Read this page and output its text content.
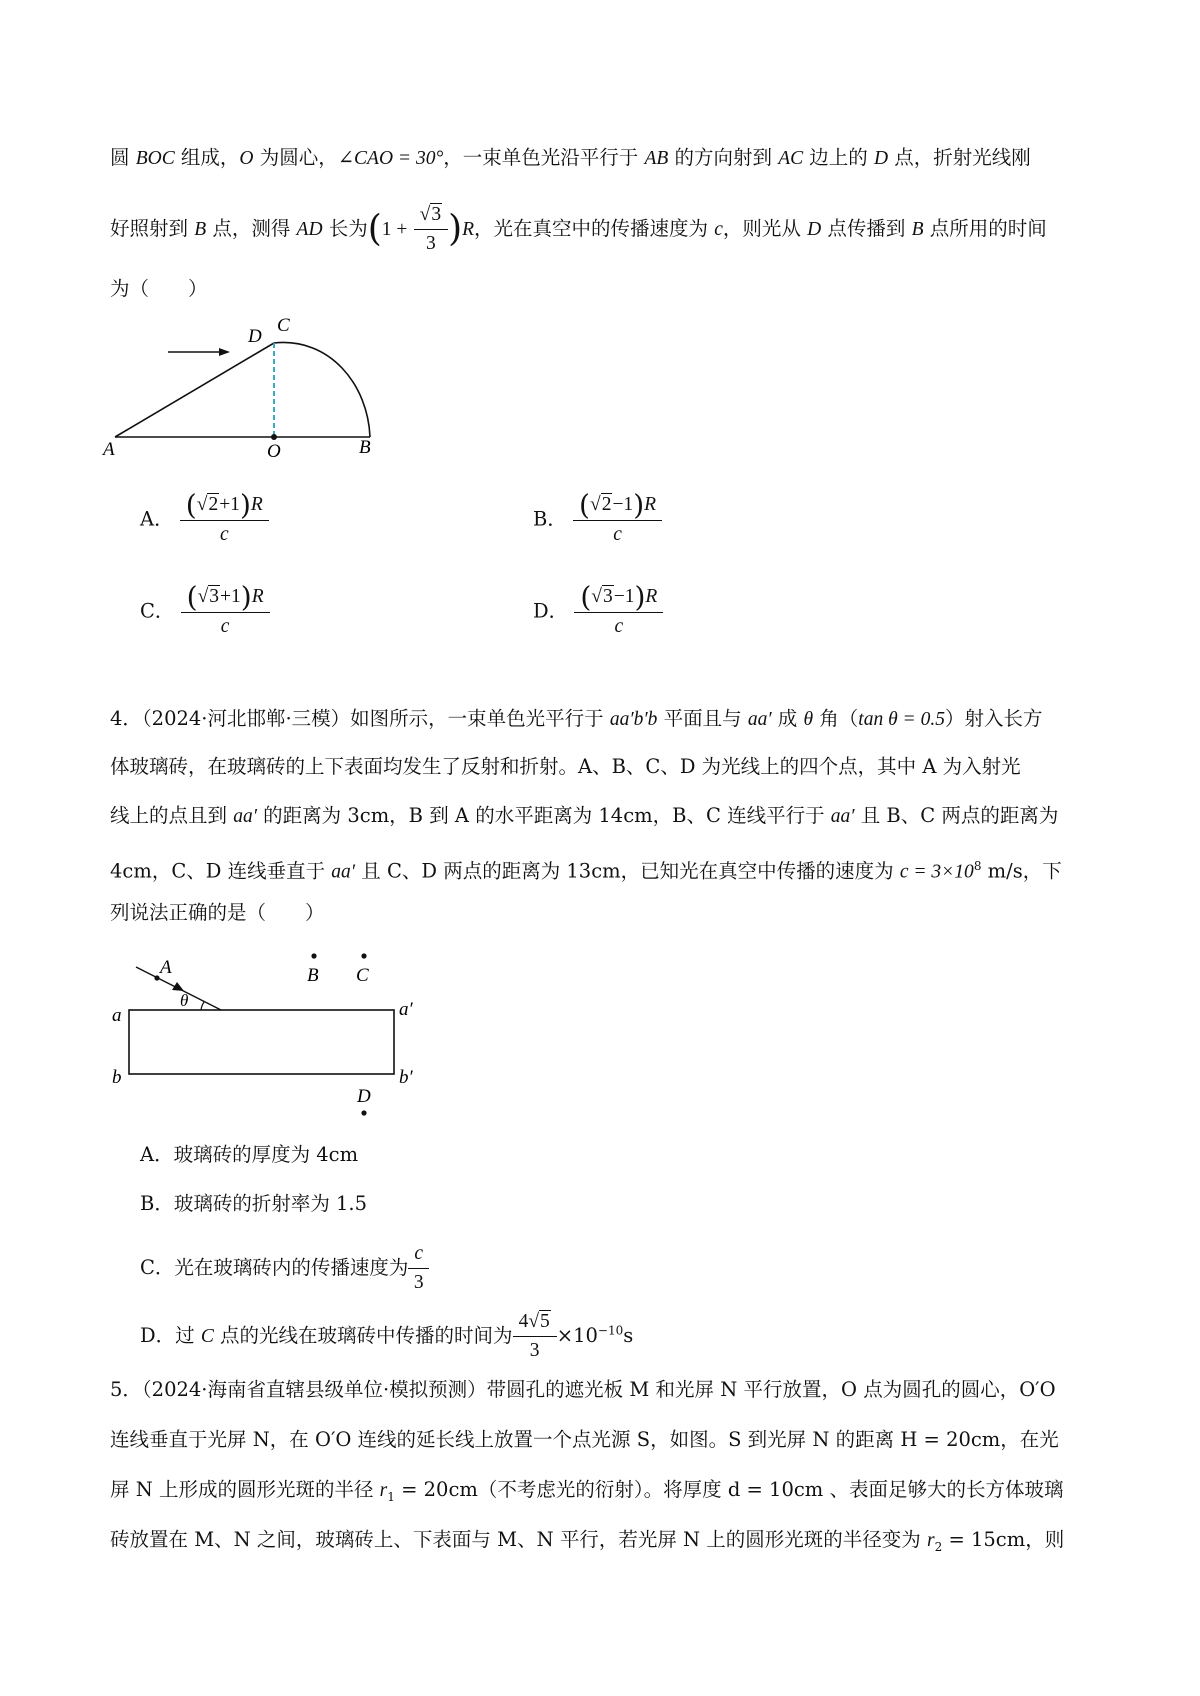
圆 BOC 组成，O 为圆心，∠CAO = 30°，一束单色光沿平行于 AB 的方向射到 AC 边上的 D 点，折射光线刚
好照射到 B 点，测得 AD 长为$(1 + \frac{√3}{3} )R$，光在真空中的传播速度为 c，则光从 D 点传播到 B 点所用的时间
为（　　）
A	O	B
C
D
A． $\frac{(√2+1)R}{c}$	B． $\frac{(√2-1)R}{c}$
C． $\frac{(√3+1)R}{c}$	D． $\frac{(√3-1)R}{c}$
4．（2024·河北邯郸·三模）如图所示，一束单色光平行于 aa′b′b 平面且与 aa′ 成 θ 角（tan θ = 0.5）射入长方
体玻璃砖，在玻璃砖的上下表面均发生了反射和折射。A、B、C、D 为光线上的四个点，其中 A 为入射光
线上的点且到 aa′ 的距离为 3cm，B 到 A 的水平距离为 14cm，B、C 连线平行于 aa′ 且 B、C 两点的距离为
4cm，C、D 连线垂直于 aa′ 且 C、D 两点的距离为 13cm，已知光在真空中传播的速度为 $c = 3\times 10^8$ m/s，下
列说法正确的是（　　）
A	B C
D
θ
a	a′
b	b′
A．玻璃砖的厚度为 4cm
B．玻璃砖的折射率为 1.5
C．光在玻璃砖内的传播速度为 $\frac{c}{3}$
D．过 C 点的光线在玻璃砖中传播的时间为 $\frac{4√5}{3} \times 10^{-10}s$
5．（2024·海南省直辖县级单位·模拟预测）带圆孔的遮光板 M 和光屏 N 平行放置，O 点为圆孔的圆心，O′O
连线垂直于光屏 N，在 O′O 连线的延长线上放置一个点光源 S，如图。S 到光屏 N 的距离 H = 20cm，在光
屏 N 上形成的圆形光斑的半径 $r_1 = 20cm$（不考虑光的衍射）。将厚度 d = 10cm 、表面足够大的长方体玻璃
砖放置在 M、N 之间，玻璃砖上、下表面与 M、N 平行，若光屏 N 上的圆形光斑的半径变为 $r_2 = 15cm$，则
